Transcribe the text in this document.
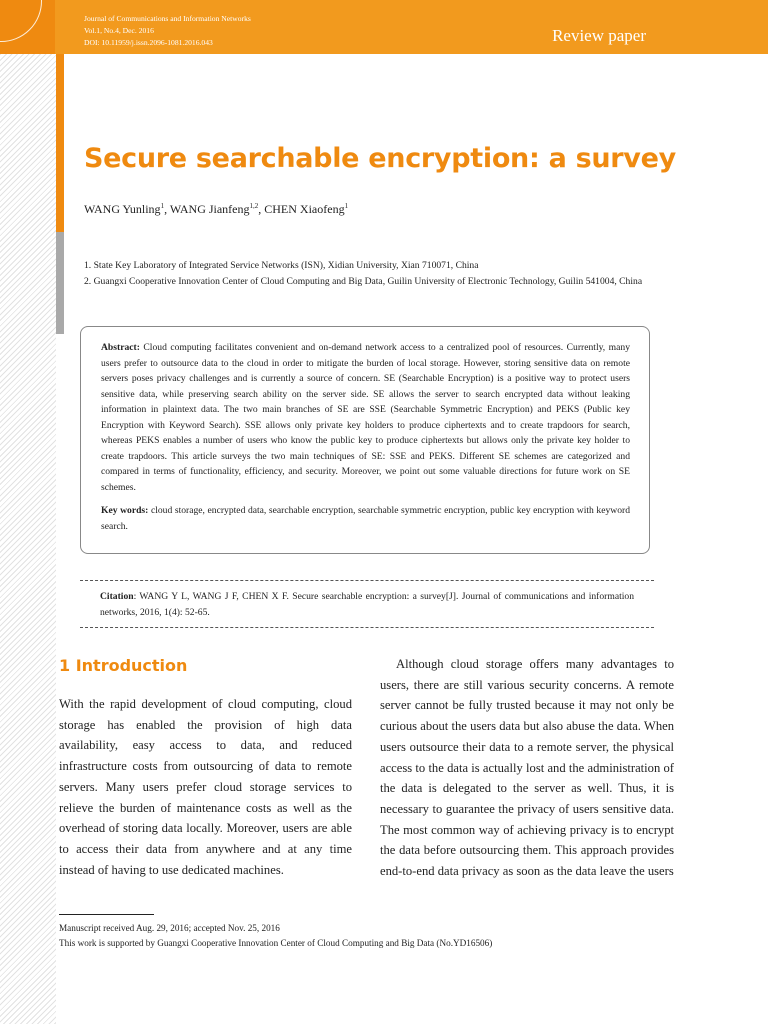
Journal of Communications and Information Networks
Vol.1, No.4, Dec. 2016
DOI: 10.11959/j.issn.2096-1081.2016.043	Review paper
Secure searchable encryption: a survey
WANG Yunling$^1$, WANG Jianfeng$^{1,2}$, CHEN Xiaofeng$^1$
1. State Key Laboratory of Integrated Service Networks (ISN), Xidian University, Xian 710071, China
2. Guangxi Cooperative Innovation Center of Cloud Computing and Big Data, Guilin University of Electronic Technology, Guilin 541004, China
Abstract: Cloud computing facilitates convenient and on-demand network access to a centralized pool of resources. Currently, many users prefer to outsource data to the cloud in order to mitigate the burden of local storage. However, storing sensitive data on remote servers poses privacy challenges and is currently a source of concern. SE (Searchable Encryption) is a positive way to protect users sensitive data, while preserving search ability on the server side. SE allows the server to search encrypted data without leaking information in plaintext data. The two main branches of SE are SSE (Searchable Symmetric Encryption) and PEKS (Public key Encryption with Keyword Search). SSE allows only private key holders to produce ciphertexts and to create trapdoors for search, whereas PEKS enables a number of users who know the public key to produce ciphertexts but allows only the private key holder to create trapdoors. This article surveys the two main techniques of SE: SSE and PEKS. Different SE schemes are categorized and compared in terms of functionality, efficiency, and security. Moreover, we point out some valuable directions for future work on SE schemes.
Key words: cloud storage, encrypted data, searchable encryption, searchable symmetric encryption, public key encryption with keyword search.
Citation: WANG Y L, WANG J F, CHEN X F. Secure searchable encryption: a survey[J]. Journal of communications and information networks, 2016, 1(4): 52-65.
1 Introduction
With the rapid development of cloud computing, cloud storage has enabled the provision of high data availability, easy access to data, and reduced infrastructure costs from outsourcing of data to remote servers. Many users prefer cloud storage services to relieve the burden of maintenance costs as well as the overhead of storing data locally. Moreover, users are able to access their data from anywhere and at any time instead of having to use dedicated machines.
Although cloud storage offers many advantages to users, there are still various security concerns. A remote server cannot be fully trusted because it may not only be curious about the users data but also abuse the data. When users outsource their data to a remote server, the physical access to the data is actually lost and the administration of the data is delegated to the server as well. Thus, it is necessary to guarantee the privacy of users sensitive data. The most common way of achieving privacy is to encrypt the data before outsourcing them. This approach provides end-to-end data privacy as soon as the data leave the users
Manuscript received Aug. 29, 2016; accepted Nov. 25, 2016
This work is supported by Guangxi Cooperative Innovation Center of Cloud Computing and Big Data (No.YD16506)
